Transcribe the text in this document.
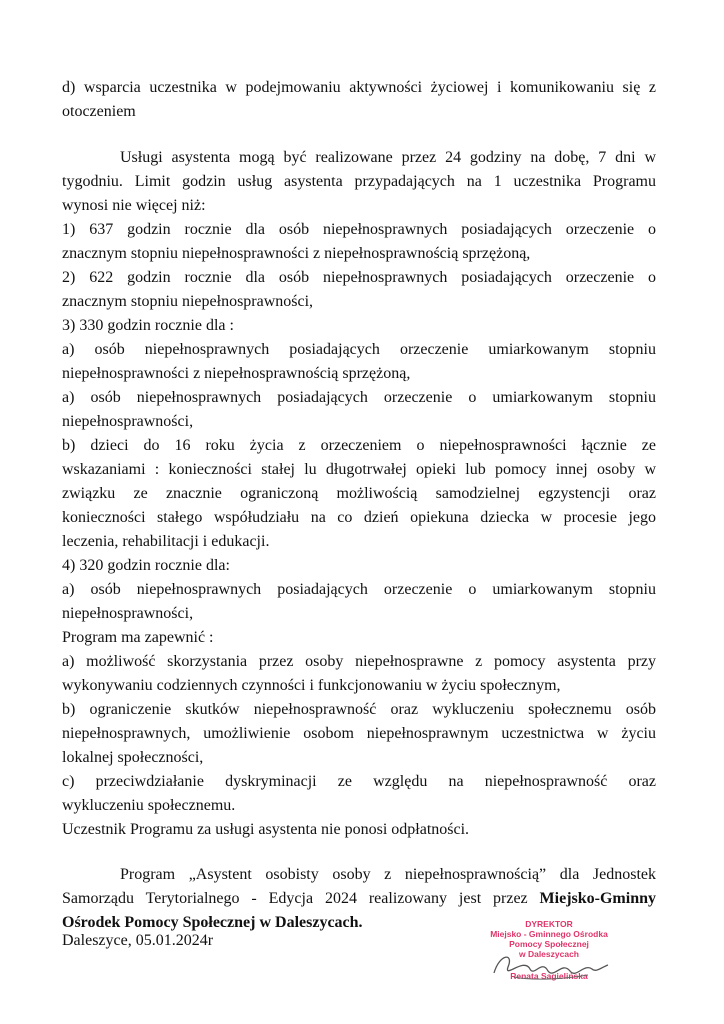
d) wsparcia uczestnika w podejmowaniu aktywności życiowej i komunikowaniu się z

otoczeniem

Usługi asystenta mogą być realizowane przez 24 godziny na dobę, 7 dni w

tygodniu. Limit godzin usług asystenta przypadających na 1 uczestnika Programu

wynosi nie więcej niż:

1) 637 godzin rocznie dla osób niepełnosprawnych posiadających orzeczenie o

znacznym stopniu niepełnosprawności z niepełnosprawnością sprzężoną,

2) 622 godzin rocznie dla osób niepełnosprawnych posiadających orzeczenie o

znacznym stopniu niepełnosprawności,

3) 330 godzin rocznie dla :

a) osób niepełnosprawnych posiadających orzeczenie umiarkowanym stopniu

niepełnosprawności z niepełnosprawnością sprzężoną,

a) osób niepełnosprawnych posiadających orzeczenie o umiarkowanym stopniu

niepełnosprawności,

b) dzieci do 16 roku życia z orzeczeniem o niepełnosprawności łącznie ze

wskazaniami : konieczności stałej lu długotrwałej opieki lub pomocy innej osoby w

związku ze znacznie ograniczoną możliwością samodzielnej egzystencji oraz

konieczności stałego współudziału na co dzień opiekuna dziecka w procesie jego

leczenia, rehabilitacji i edukacji.

4) 320 godzin rocznie dla:

a) osób niepełnosprawnych posiadających orzeczenie o umiarkowanym stopniu

niepełnosprawności,

Program ma zapewnić :

a) możliwość skorzystania przez osoby niepełnosprawne z pomocy asystenta przy

wykonywaniu codziennych czynności i funkcjonowaniu w życiu społecznym,

b) ograniczenie skutków niepełnosprawność oraz wykluczeniu społecznemu osób

niepełnosprawnych, umożliwienie osobom niepełnosprawnym uczestnictwa w życiu

lokalnej społeczności,

c) przeciwdziałanie dyskryminacji ze względu na niepełnosprawność oraz

wykluczeniu społecznemu.

Uczestnik Programu za usługi asystenta nie ponosi odpłatności.

Program „Asystent osobisty osoby z niepełnosprawnością” dla Jednostek

Samorządu Terytorialnego - Edycja 2024 realizowany jest przez Miejsko-Gminny

Ośrodek Pomocy Społecznej w Daleszycach.

Daleszyce, 05.01.2024r
DYREKTOR
Miejsko - Gminnego Ośrodka
Pomocy Społecznej
w Daleszycach
Renata Sagielińska
